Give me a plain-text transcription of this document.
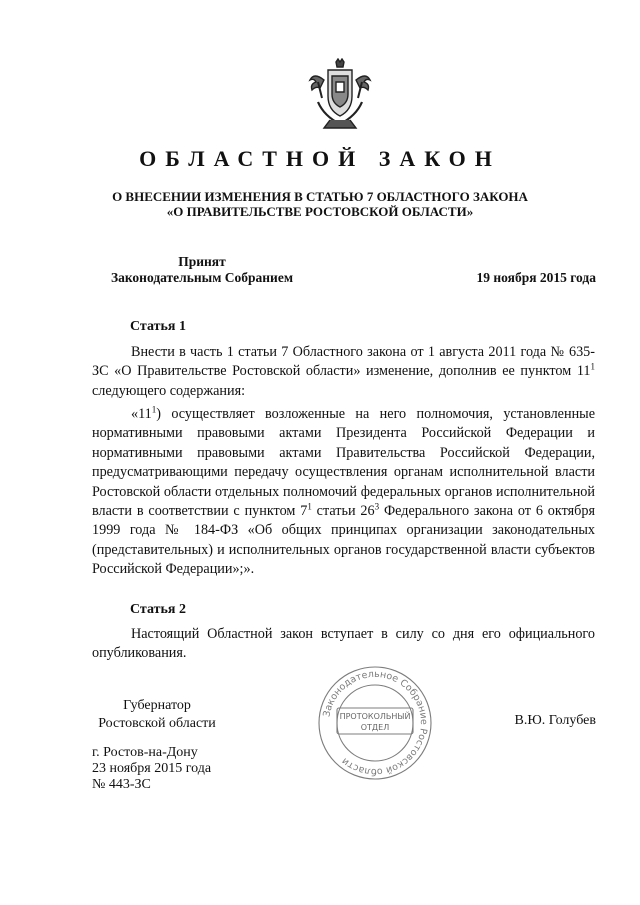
ОБЛАСТНОЙ ЗАКОН
О ВНЕСЕНИИ ИЗМЕНЕНИЯ В СТАТЬЮ 7 ОБЛАСТНОГО ЗАКОНА
«О ПРАВИТЕЛЬСТВЕ РОСТОВСКОЙ ОБЛАСТИ»
Принят
Законодательным Собранием	19 ноября 2015 года
Статья 1

Внести в часть 1 статьи 7 Областного закона от 1 августа 2011 года № 635-ЗС «О Правительстве Ростовской области» изменение, дополнив ее пунктом $11^1$ следующего содержания:

«$11^1$) осуществляет возложенные на него полномочия, установленные нормативными правовыми актами Президента Российской Федерации и нормативными правовыми актами Правительства Российской Федерации, предусматривающими передачу осуществления органам исполнительной власти Ростовской области отдельных полномочий федеральных органов исполнительной власти в соответствии с пунктом $7^1$ статьи $26^3$ Федерального закона от 6 октября 1999 года № 184-ФЗ «Об общих принципах организации законодательных (представительных) и исполнительных органов государственной власти субъектов Российской Федерации»;».

Статья 2

Настоящий Областной закон вступает в силу со дня его официального опубликования.

Губернатор
Ростовской области	В.Ю. Голубев
Законодательное Собрание Ростовской области
ПРОТОКОЛЬНЫЙ
ОТДЕЛ
г. Ростов-на-Дону
23 ноября 2015 года
№ 443-ЗС
